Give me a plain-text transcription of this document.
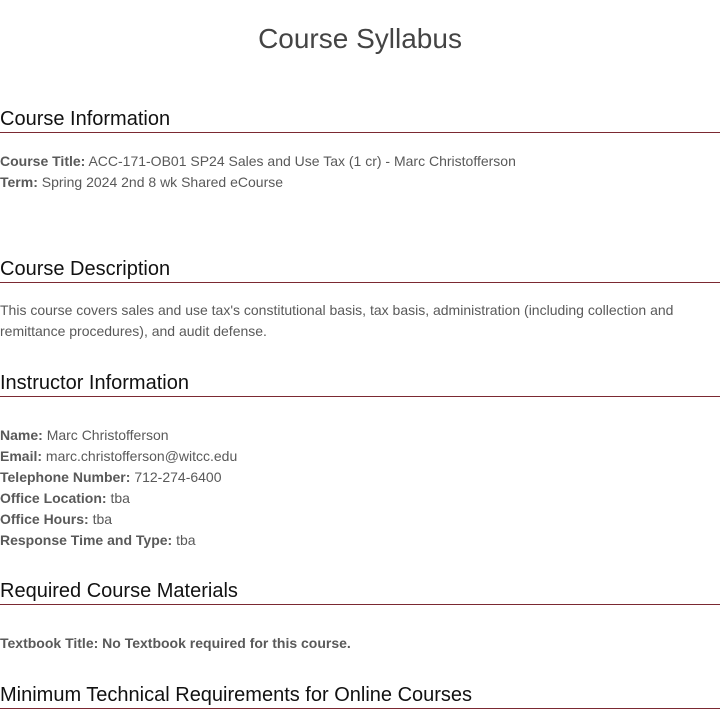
Course Syllabus
Course Information
Course Title: ACC-171-OB01 SP24 Sales and Use Tax (1 cr) - Marc Christofferson
Term: Spring 2024 2nd 8 wk Shared eCourse
Course Description

This course covers sales and use tax's constitutional basis, tax basis, administration (including collection and remittance procedures), and audit defense.

Instructor Information
Name: Marc Christofferson
Email: marc.christofferson@witcc.edu
Telephone Number: 712-274-6400
Office Location: tba
Office Hours: tba
Response Time and Type: tba
Required Course Materials
Textbook Title: No Textbook required for this course.
Minimum Technical Requirements for Online Courses
